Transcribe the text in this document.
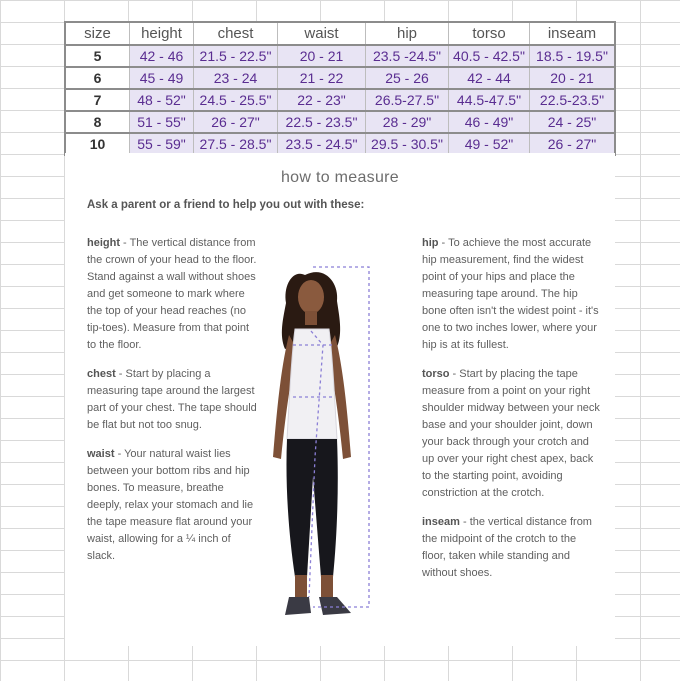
size	height	chest	waist	hip	torso	inseam
5	42 - 46	21.5 - 22.5"	20 - 21	23.5 -24.5"	40.5 - 42.5"	18.5 - 19.5"
6	45 - 49	23 - 24	21 - 22	25 - 26	42 - 44	20 - 21
7	48 - 52"	24.5 - 25.5"	22 - 23"	26.5-27.5"	44.5-47.5"	22.5-23.5"
8	51 - 55"	26 - 27"	22.5 - 23.5"	28 - 29"	46 - 49"	24 - 25"
10	55 - 59"	27.5 - 28.5"	23.5 - 24.5"	29.5 - 30.5"	49 - 52"	26 - 27"
how to measure
Ask a parent or a friend to help you out with these:
height - The vertical distance from the crown of your head to the floor. Stand against a wall without shoes and get someone to mark where the top of your head reaches (no tip-toes). Measure from that point to the floor.
chest - Start by placing a measuring tape around the largest part of your chest. The tape should be flat but not too snug.
waist - Your natural waist lies between your bottom ribs and hip bones. To measure, breathe deeply, relax your stomach and lie the tape measure flat around your waist, allowing for a ¼ inch of slack.
hip - To achieve the most accurate hip measurement, find the widest point of your hips and place the measuring tape around. The hip bone often isn't the widest point - it's one to two inches lower, where your hip is at its fullest.
torso - Start by placing the tape measure from a point on your right shoulder midway between your neck base and your shoulder joint, down your back through your crotch and up over your right chest apex, back to the starting point, avoiding constriction at the crotch.
inseam - the vertical distance from the midpoint of the crotch to the floor, taken while standing and without shoes.
